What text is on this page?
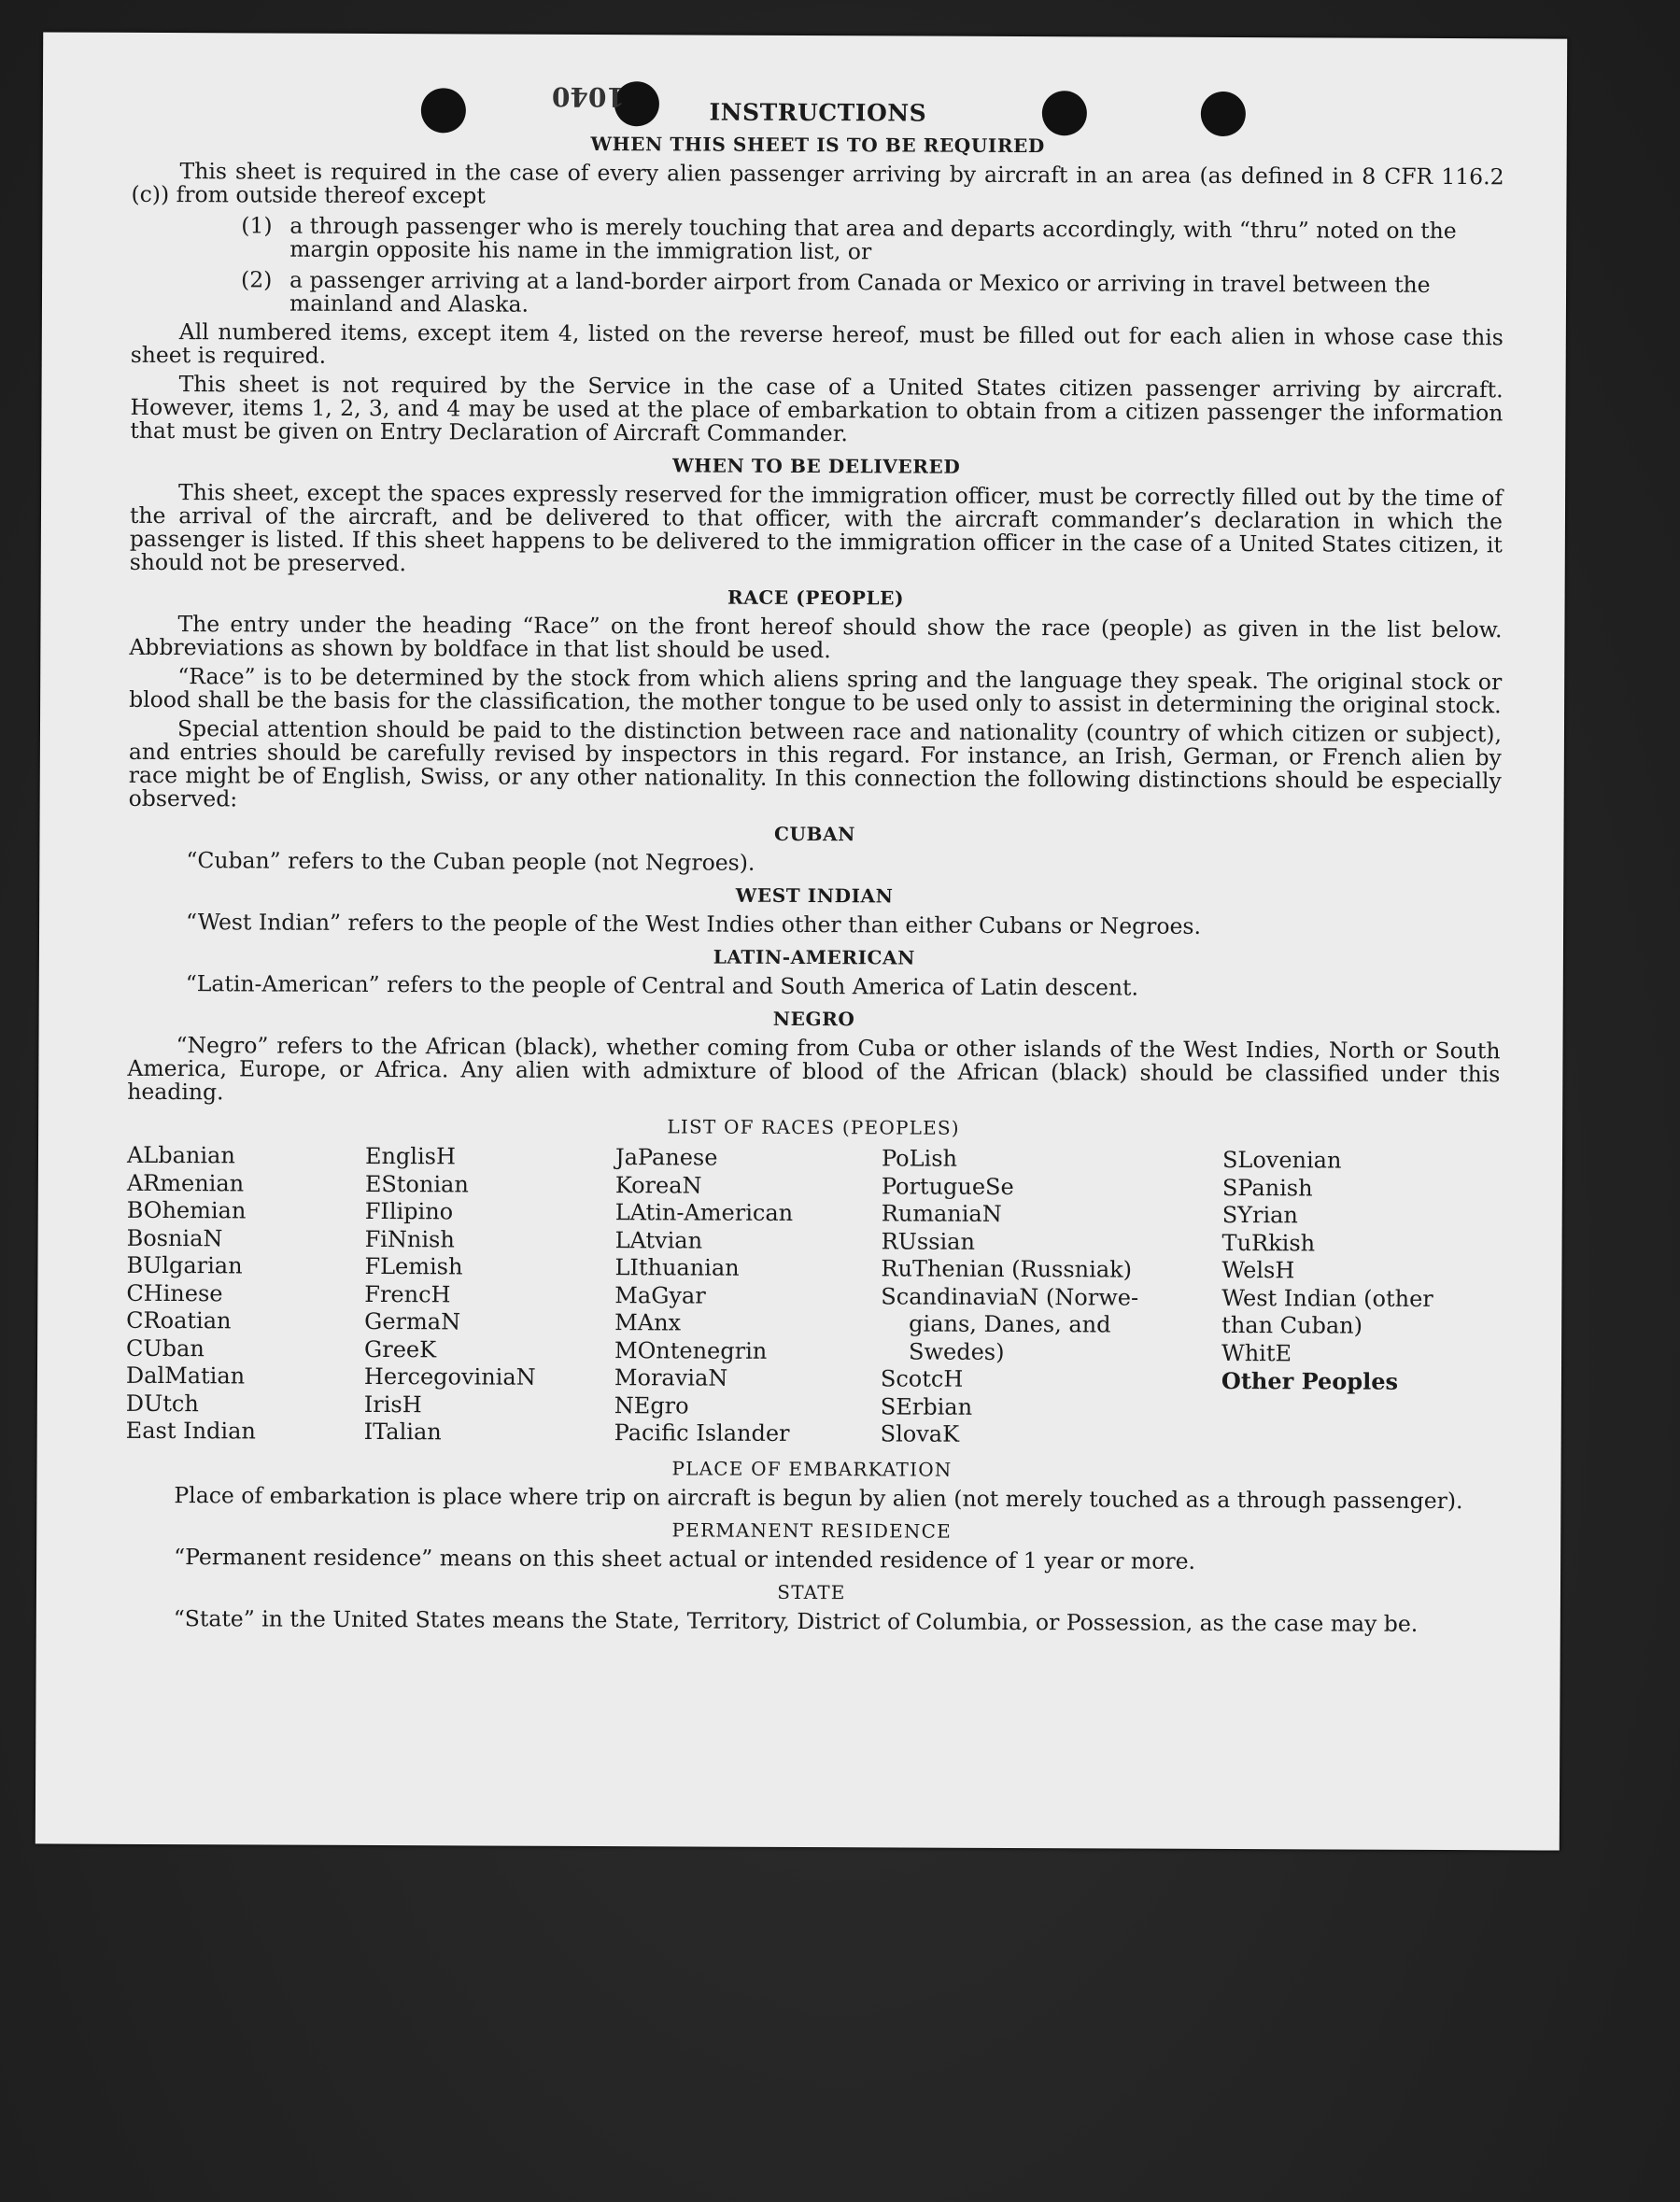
1040
INSTRUCTIONS
WHEN THIS SHEET IS TO BE REQUIRED

This sheet is required in the case of every alien passenger arriving by aircraft in an area (as defined in 8 CFR 116.2 (c)) from outside thereof except

(1) a through passenger who is merely touching that area and departs accordingly, with “thru” noted on the margin opposite his name in the immigration list, or
(2) a passenger arriving at a land-border airport from Canada or Mexico or arriving in travel between the mainland and Alaska.

All numbered items, except item 4, listed on the reverse hereof, must be filled out for each alien in whose case this sheet is required.

This sheet is not required by the Service in the case of a United States citizen passenger arriving by aircraft. However, items 1, 2, 3, and 4 may be used at the place of embarkation to obtain from a citizen passenger the information that must be given on Entry Declaration of Aircraft Commander.

WHEN TO BE DELIVERED

This sheet, except the spaces expressly reserved for the immigration officer, must be correctly filled out by the time of the arrival of the aircraft, and be delivered to that officer, with the aircraft commander’s declaration in which the passenger is listed. If this sheet happens to be delivered to the immigration officer in the case of a United States citizen, it should not be preserved.

RACE (PEOPLE)

The entry under the heading “Race” on the front hereof should show the race (people) as given in the list below. Abbreviations as shown by boldface in that list should be used.

“Race” is to be determined by the stock from which aliens spring and the language they speak. The original stock or blood shall be the basis for the classification, the mother tongue to be used only to assist in determining the original stock.

Special attention should be paid to the distinction between race and nationality (country of which citizen or subject), and entries should be carefully revised by inspectors in this regard. For instance, an Irish, German, or French alien by race might be of English, Swiss, or any other nationality. In this connection the following distinctions should be especially observed:

CUBAN

“Cuban” refers to the Cuban people (not Negroes).

WEST INDIAN

“West Indian” refers to the people of the West Indies other than either Cubans or Negroes.

LATIN-AMERICAN

“Latin-American” refers to the people of Central and South America of Latin descent.

NEGRO

“Negro” refers to the African (black), whether coming from Cuba or other islands of the West Indies, North or South America, Europe, or Africa. Any alien with admixture of blood of the African (black) should be classified under this heading.

LIST OF RACES (PEOPLES)
ALbanian
ARmenian
BOhemian
BosniaN
BUlgarian
CHinese
CRoatian
CUban
DalMatian
DUtch
East Indian
EnglisH
EStonian
FIlipino
FiNnish
FLemish
FrencH
GermaN
GreeK
HercegoviniaN
IrisH
ITalian
JaPanese
KoreaN
LAtin-American
LAtvian
LIthuanian
MaGyar
MAnx
MOntenegrin
MoraviaN
NEgro
Pacific Islander
PoLish
PortugueSe
RumaniaN
RUssian
RuThenian (Russniak)
ScandinaviaN (Norwe-
gians, Danes, and
Swedes)
ScotcH
SErbian
SlovaK
SLovenian
SPanish
SYrian
TuRkish
WelsH
West Indian (other than Cuban)
WhitE
Other Peoples
PLACE OF EMBARKATION

Place of embarkation is place where trip on aircraft is begun by alien (not merely touched as a through passenger).

PERMANENT RESIDENCE

“Permanent residence” means on this sheet actual or intended residence of 1 year or more.

STATE

“State” in the United States means the State, Territory, District of Columbia, or Possession, as the case may be.
